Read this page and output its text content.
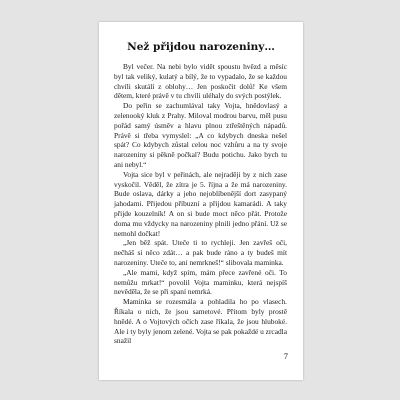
Než přijdou narozeniny…

Byl večer. Na nebi bylo vidět spoustu hvězd a měsíc byl tak veliký, kulatý a bílý, že to vypadalo, že se každou chvíli skutálí z oblohy… Jen poskočit dolů! Ke všem dětem, které právě v tu chvíli uléhaly do svých postýlek.

Do peřin se zachumlával taky Vojta, hnědovlasý a zelenooký kluk z Prahy. Miloval modrou barvu, měl pusu pořád samý úsměv a hlavu plnou ztřeštěných nápadů. Právě si třeba vymyslel: „A co kdybych dneska nešel spát? Co kdybych zůstal celou noc vzhůru a na ty svoje narozeniny si pěkně počkal? Budu potichu. Jako bych tu ani nebyl.“

Vojta sice byl v peřinách, ale nejraději by z nich zase vyskočil. Věděl, že zítra je 5. října a že má narozeniny. Bude oslava, dárky a jeho nejoblíbenější dort zasypaný jahodami. Přijedou příbuzní a přijdou kamarádi. A taky přijde kouzelník! A on si bude moct něco přát. Protože doma mu vždycky na narozeniny plnili jedno přání. Už se nemohl dočkat!

„Jen běž spát. Uteče ti to rychleji. Jen zavřeš oči, nečháš si něco zdát… a pak bude ráno a ty budeš mít narozeniny. Uteče to, ani nemrkneš!“ slibovala maminka.

„Ale mami, když spím, mám přece zavřené oči. To nemůžu mrkat!“ povolil Vojta maminku, která nejspíš nevěděla, že se při spaní nemrká.

Maminka se rozesmála a pohladila ho po vlasech. Říkala o nich, že jsou sametové. Přitom byly prostě hnědé. A o Vojtových očích zase říkala, že jsou hluboké. Ale i ty byly jenom zelené. Vojta se pak pokaždé u zrcadla snažil

7
